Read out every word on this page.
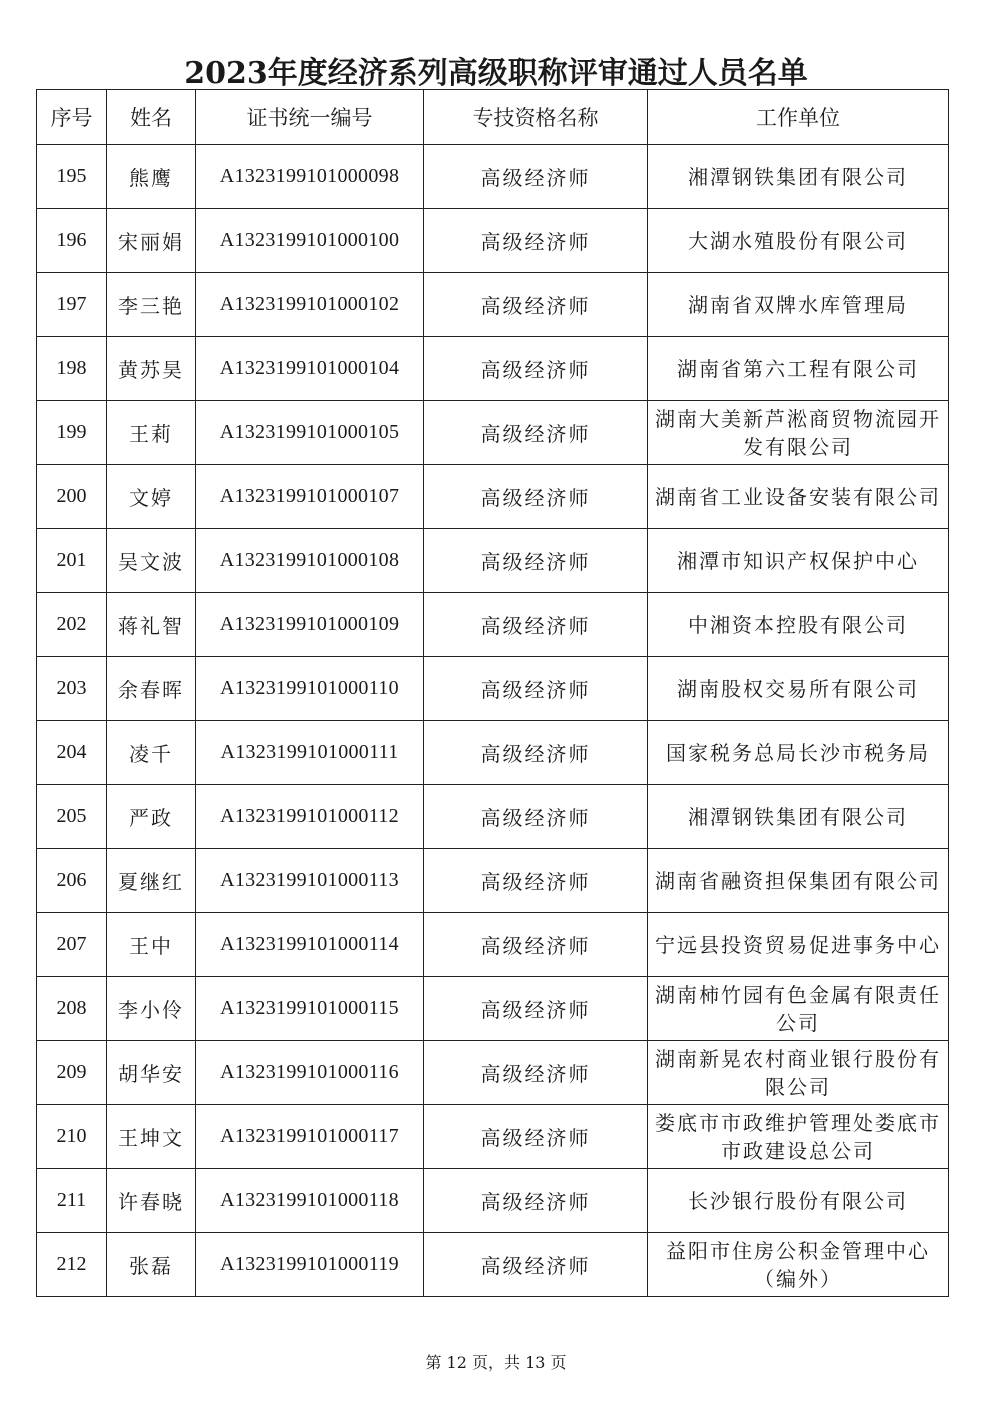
2023年度经济系列高级职称评审通过人员名单
序号	姓名	证书统一编号	专技资格名称	工作单位
195	熊鹰	A1323199101000098	高级经济师	湘潭钢铁集团有限公司
196	宋丽娟	A1323199101000100	高级经济师	大湖水殖股份有限公司
197	李三艳	A1323199101000102	高级经济师	湖南省双牌水库管理局
198	黄苏昊	A1323199101000104	高级经济师	湖南省第六工程有限公司
199	王莉	A1323199101000105	高级经济师	湖南大美新芦淞商贸物流园开发有限公司
200	文婷	A1323199101000107	高级经济师	湖南省工业设备安装有限公司
201	吴文波	A1323199101000108	高级经济师	湘潭市知识产权保护中心
202	蒋礼智	A1323199101000109	高级经济师	中湘资本控股有限公司
203	余春晖	A1323199101000110	高级经济师	湖南股权交易所有限公司
204	凌千	A1323199101000111	高级经济师	国家税务总局长沙市税务局
205	严政	A1323199101000112	高级经济师	湘潭钢铁集团有限公司
206	夏继红	A1323199101000113	高级经济师	湖南省融资担保集团有限公司
207	王中	A1323199101000114	高级经济师	宁远县投资贸易促进事务中心
208	李小伶	A1323199101000115	高级经济师	湖南柿竹园有色金属有限责任公司
209	胡华安	A1323199101000116	高级经济师	湖南新晃农村商业银行股份有限公司
210	王坤文	A1323199101000117	高级经济师	娄底市市政维护管理处娄底市市政建设总公司
211	许春晓	A1323199101000118	高级经济师	长沙银行股份有限公司
212	张磊	A1323199101000119	高级经济师	益阳市住房公积金管理中心（编外）
第 12 页，共 13 页
